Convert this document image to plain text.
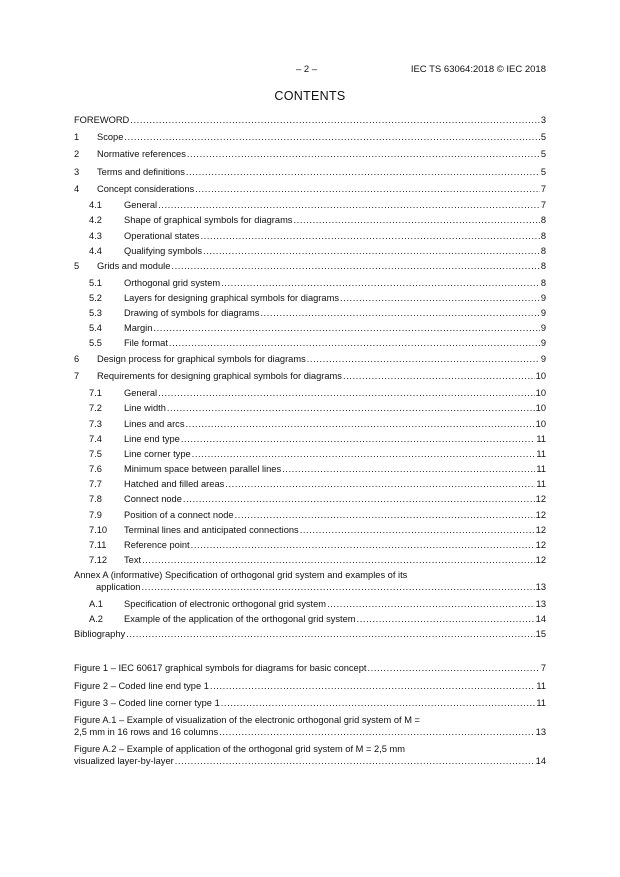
– 2 –	IEC TS 63064:2018 © IEC 2018
CONTENTS
FOREWORD .....	3
1	Scope .....	5
2	Normative references .....	5
3	Terms and definitions .....	5
4	Concept considerations .....	7
4.1	General .....	7
4.2	Shape of graphical symbols for diagrams .....	8
4.3	Operational states .....	8
4.4	Qualifying symbols .....	8
5	Grids and module .....	8
5.1	Orthogonal grid system .....	8
5.2	Layers for designing graphical symbols for diagrams .....	9
5.3	Drawing of symbols for diagrams .....	9
5.4	Margin .....	9
5.5	File format .....	9
6	Design process for graphical symbols for diagrams .....	9
7	Requirements for designing graphical symbols for diagrams .....	10
7.1	General .....	10
7.2	Line width .....	10
7.3	Lines and arcs .....	10
7.4	Line end type .....	11
7.5	Line corner type .....	11
7.6	Minimum space between parallel lines .....	11
7.7	Hatched and filled areas .....	11
7.8	Connect node .....	12
7.9	Position of a connect node .....	12
7.10	Terminal lines and anticipated connections .....	12
7.11	Reference point .....	12
7.12	Text .....	12
Annex A (informative) Specification of orthogonal grid system and examples of its
application .....	13
A.1	Specification of electronic orthogonal grid system .....	13
A.2	Example of the application of the orthogonal grid system .....	14
Bibliography .....	15
Figure 1 – IEC 60617 graphical symbols for diagrams for basic concept .....	7
Figure 2 – Coded line end type 1 .....	11
Figure 3 – Coded line corner type 1 .....	11
Figure A.1 – Example of visualization of the electronic orthogonal grid system of M =
2,5 mm in 16 rows and 16 columns .....	13
Figure A.2 – Example of application of the orthogonal grid system of M = 2,5 mm
visualized layer-by-layer .....	14
